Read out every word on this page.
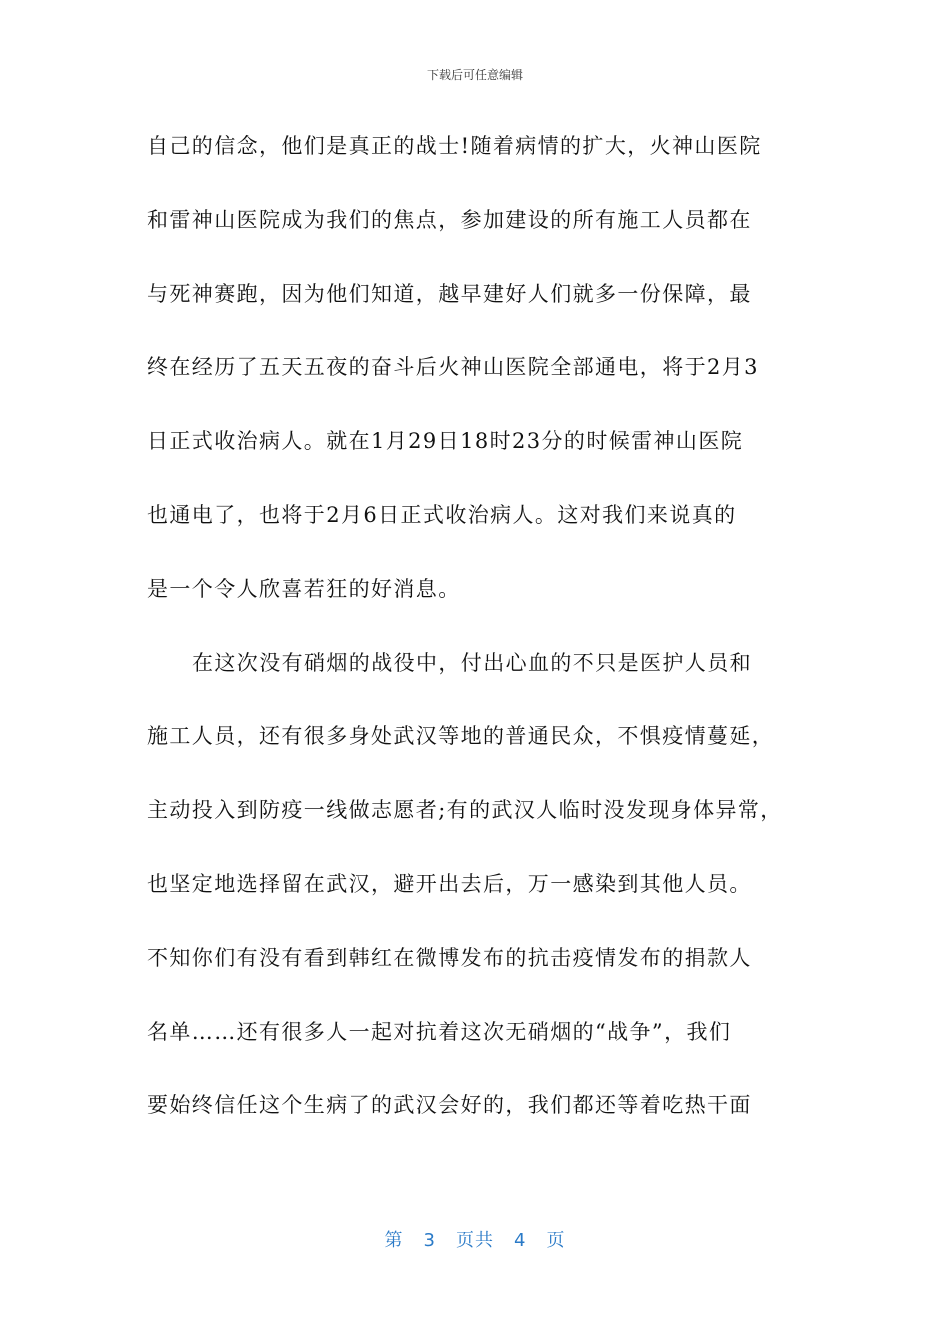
下载后可任意编辑
自己的信念，他们是真正的战士!随着病情的扩大，火神山医院
和雷神山医院成为我们的焦点，参加建设的所有施工人员都在
与死神赛跑，因为他们知道，越早建好人们就多一份保障，最
终在经历了五天五夜的奋斗后火神山医院全部通电，将于2月3
日正式收治病人。就在1月29日18时23分的时候雷神山医院
也通电了，也将于2月6日正式收治病人。这对我们来说真的
是一个令人欣喜若狂的好消息。
在这次没有硝烟的战役中，付出心血的不只是医护人员和
施工人员，还有很多身处武汉等地的普通民众，不惧疫情蔓延，
主动投入到防疫一线做志愿者;有的武汉人临时没发现身体异常，
也坚定地选择留在武汉，避开出去后，万一感染到其他人员。
不知你们有没有看到韩红在微博发布的抗击疫情发布的捐款人
名单……还有很多人一起对抗着这次无硝烟的“战争”，我们
要始终信任这个生病了的武汉会好的，我们都还等着吃热干面
第 3 页共 4 页
